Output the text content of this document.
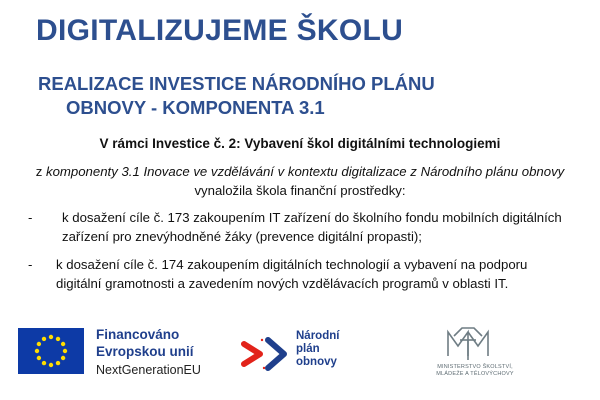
DIGITALIZUJEME ŠKOLU
REALIZACE INVESTICE NÁRODNÍHO PLÁNU
OBNOVY - KOMPONENTA 3.1
V rámci Investice č. 2: Vybavení škol digitálními technologiemi
z komponenty 3.1 Inovace ve vzdělávání v kontextu digitalizace z Národního plánu obnovy vynaložila škola finanční prostředky:
-	k dosažení cíle č. 173 zakoupením IT zařízení do školního fondu mobilních digitálních zařízení pro znevýhodněné žáky (prevence digitální propasti);
-	k dosažení cíle č. 174 zakoupením digitálních technologií a vybavení na podporu digitální gramotnosti a zavedením nových vzdělávacích programů v oblasti IT.
Financováno
Evropskou unií
NextGenerationEU
Národní
plán
obnovy	MINISTERSTVO ŠKOLSTVÍ,
MLÁDEŽE A TĚLOVÝCHOVY
